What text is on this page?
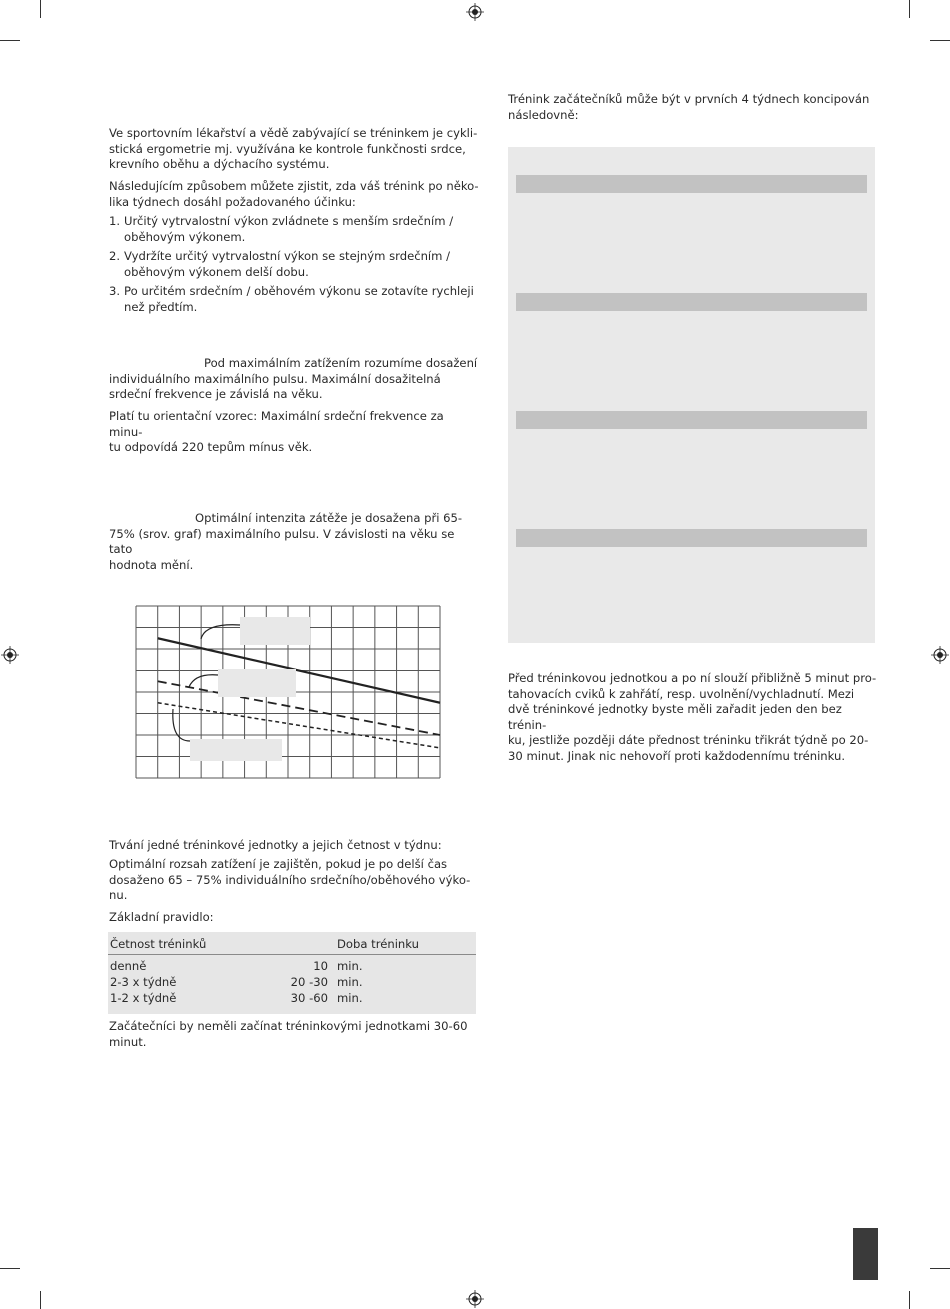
Ve sportovním lékařství a vědě zabývající se tréninkem je cykli-
stická ergometrie mj. využívána ke kontrole funkčnosti srdce,
krevního oběhu a dýchacího systému.

Následujícím způsobem můžete zjistit, zda váš trénink po něko-
lika týdnech dosáhl požadovaného účinku:

1. Určitý vytrvalostní výkon zvládnete s menším srdečním /
oběhovým výkonem.
2. Vydržíte určitý vytrvalostní výkon se stejným srdečním /
oběhovým výkonem delší dobu.
3. Po určitém srdečním / oběhovém výkonu se zotavíte rychleji
než předtím.

Pod maximálním zatížením rozumíme dosažení
individuálního maximálního pulsu. Maximální dosažitelná
srdeční frekvence je závislá na věku.

Platí tu orientační vzorec: Maximální srdeční frekvence za minu-
tu odpovídá 220 tepům mínus věk.

Optimální intenzita zátěže je dosažena při 65-
75% (srov. graf) maximálního pulsu. V závislosti na věku se tato
hodnota mění.

Trvání jedné tréninkové jednotky a jejich četnost v týdnu:

Optimální rozsah zatížení je zajištěn, pokud je po delší čas
dosaženo 65 – 75% individuálního srdečního/oběhového výko-
nu.

Základní pravidlo:

Četnost tréninků	Doba tréninku
denně	10 min.
2-3 x týdně	20 -30 min.
1-2 x týdně	30 -60 min.

Začátečníci by neměli začínat tréninkovými jednotkami 30-60
minut.

Trénink začátečníků může být v prvních 4 týdnech koncipován
následovně:

Před tréninkovou jednotkou a po ní slouží přibližně 5 minut pro-
tahovacích cviků k zahřátí, resp. uvolnění/vychladnutí. Mezi
dvě tréninkové jednotky byste měli zařadit jeden den bez trénin-
ku, jestliže později dáte přednost tréninku třikrát týdně po 20-
30 minut. Jinak nic nehovoří proti každodennímu tréninku.
